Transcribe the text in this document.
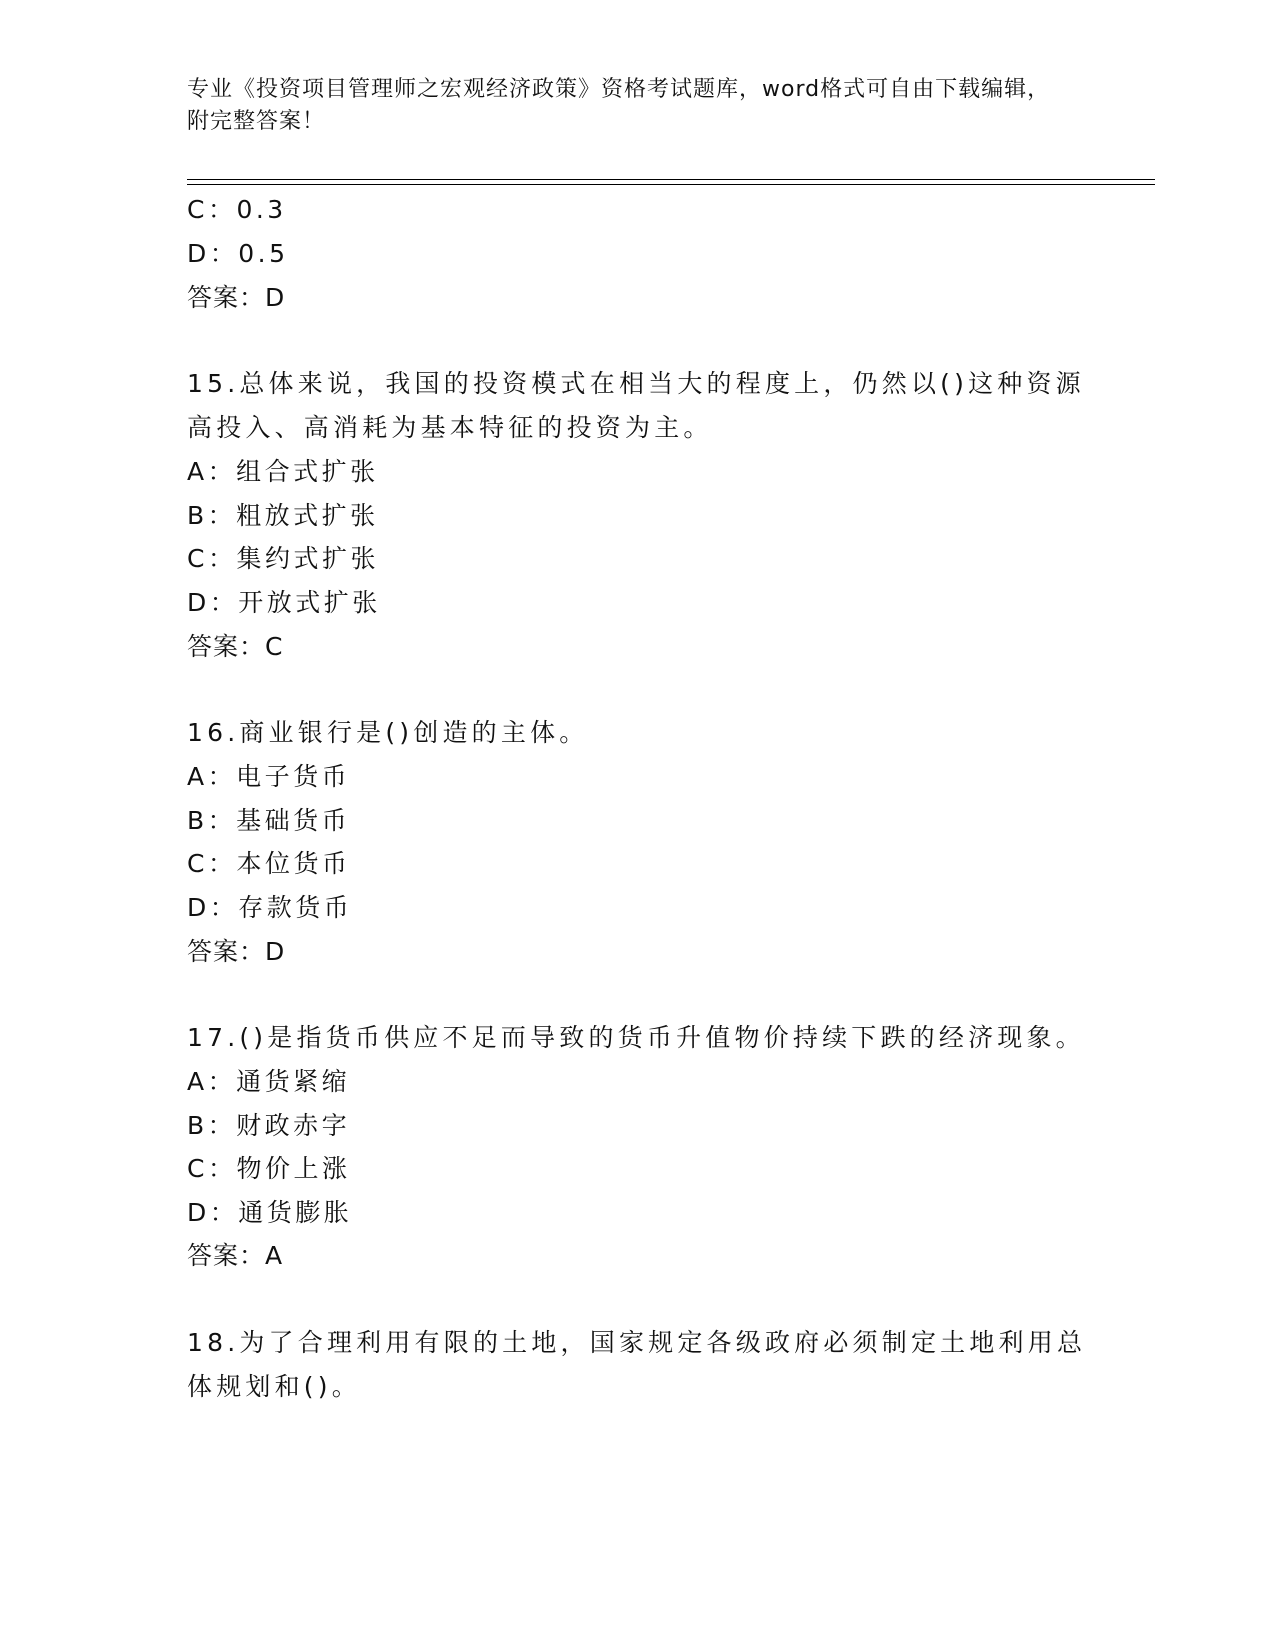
专业《投资项目管理师之宏观经济政策》资格考试题库，word格式可自由下载编辑，附完整答案！
C：0.3
D：0.5
答案：D
15.总体来说，我国的投资模式在相当大的程度上，仍然以()这种资源
高投入、高消耗为基本特征的投资为主。
A：组合式扩张
B：粗放式扩张
C：集约式扩张
D：开放式扩张
答案：C
16.商业银行是()创造的主体。
A：电子货币
B：基础货币
C：本位货币
D：存款货币
答案：D
17.()是指货币供应不足而导致的货币升值物价持续下跌的经济现象。
A：通货紧缩
B：财政赤字
C：物价上涨
D：通货膨胀
答案：A
18.为了合理利用有限的土地，国家规定各级政府必须制定土地利用总
体规划和()。
